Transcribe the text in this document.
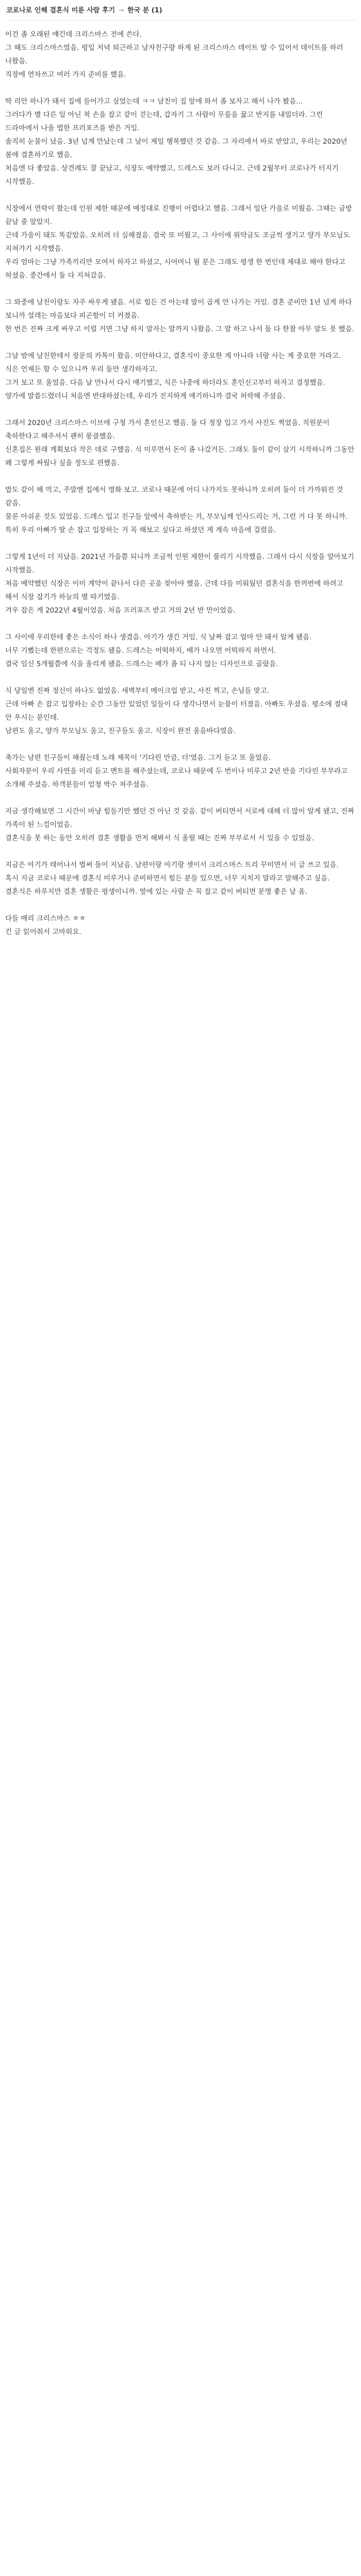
코로나로 인해 결혼식 미룬 사람 후기 → 한국 분 (1)

이건 좀 오래된 얘긴데 크리스마스 전에 쓴다.

그 때도 크리스마스였음. 평일 저녁 퇴근하고 남자친구랑 하게 된 크리스마스 데이트 알 수 있어서 데이트를 하러 나왔음.

직장에 연차쓰고 여러 가지 준비를 했음.

딱 리안 하나가 돼서 집에 들어가고 싶었는데 ㅋㅋ 남친이 집 앞에 와서 좀 보자고 해서 나가 봤음...

그러다가 별 다른 일 아닌 척 손을 잡고 같이 걷는데, 갑자기 그 사람이 무릎을 꿇고 반지를 내밀더라. 그런 드라마에서 나올 법한 프러포즈를 받은 거임.

솔직히 눈물이 났음. 3년 넘게 만났는데 그 날이 제일 행복했던 것 같음. 그 자리에서 바로 받았고, 우리는 2020년 봄에 결혼하기로 했음.

처음엔 다 좋았음. 상견례도 잘 끝났고, 식장도 예약했고, 드레스도 보러 다니고. 근데 2월부터 코로나가 터지기 시작했음.

식장에서 연락이 왔는데 인원 제한 때문에 예정대로 진행이 어렵다고 했음. 그래서 일단 가을로 미뤘음. 그때는 금방 끝날 줄 알았지.

근데 가을이 돼도 똑같았음. 오히려 더 심해졌음. 결국 또 미뤘고, 그 사이에 위약금도 조금씩 생기고 양가 부모님도 지쳐가기 시작했음.

우리 엄마는 그냥 가족끼리만 모여서 하자고 하셨고, 시어머니 될 분은 그래도 평생 한 번인데 제대로 해야 한다고 하셨음. 중간에서 둘 다 지쳐갔음.

그 와중에 남친이랑도 자주 싸우게 됐음. 서로 힘든 건 아는데 말이 곱게 안 나가는 거임. 결혼 준비만 1년 넘게 하다 보니까 설레는 마음보다 피곤함이 더 커졌음.

한 번은 진짜 크게 싸우고 이럴 거면 그냥 하지 말자는 말까지 나왔음. 그 말 하고 나서 둘 다 한참 아무 말도 못 했음.

그날 밤에 남친한테서 장문의 카톡이 왔음. 미안하다고, 결혼식이 중요한 게 아니라 너랑 사는 게 중요한 거라고. 식은 언제든 할 수 있으니까 우리 둘만 생각하자고.

그거 보고 또 울었음. 다음 날 만나서 다시 얘기했고, 식은 나중에 하더라도 혼인신고부터 하자고 결정했음.

양가에 말씀드렸더니 처음엔 반대하셨는데, 우리가 진지하게 얘기하니까 결국 허락해 주셨음.

그래서 2020년 크리스마스 이브에 구청 가서 혼인신고 했음. 둘 다 정장 입고 가서 사진도 찍었음. 직원분이 축하한다고 해주셔서 괜히 뭉클했음.

신혼집은 원래 계획보다 작은 데로 구했음. 식 미루면서 돈이 좀 나갔거든. 그래도 둘이 같이 살기 시작하니까 그동안 왜 그렇게 싸웠나 싶을 정도로 편했음.

밥도 같이 해 먹고, 주말엔 집에서 영화 보고. 코로나 때문에 어디 나가지도 못하니까 오히려 둘이 더 가까워진 것 같음.

물론 아쉬운 것도 있었음. 드레스 입고 친구들 앞에서 축하받는 거, 부모님께 인사드리는 거, 그런 거 다 못 하니까.

특히 우리 아빠가 딸 손 잡고 입장하는 거 꼭 해보고 싶다고 하셨던 게 계속 마음에 걸렸음.

그렇게 1년이 더 지났음. 2021년 가을쯤 되니까 조금씩 인원 제한이 풀리기 시작했음. 그래서 다시 식장을 알아보기 시작했음.

처음 예약했던 식장은 이미 계약이 끝나서 다른 곳을 찾아야 했음. 근데 다들 미뤄뒀던 결혼식을 한꺼번에 하려고 해서 식장 잡기가 하늘의 별 따기였음.

겨우 잡은 게 2022년 4월이었음. 처음 프러포즈 받고 거의 2년 반 만이었음.

그 사이에 우리한테 좋은 소식이 하나 생겼음. 아기가 생긴 거임. 식 날짜 잡고 얼마 안 돼서 알게 됐음.

너무 기뻤는데 한편으로는 걱정도 됐음. 드레스는 어떡하지, 배가 나오면 어떡하지 하면서.

결국 임신 5개월쯤에 식을 올리게 됐음. 드레스는 배가 좀 티 나지 않는 디자인으로 골랐음.

식 당일엔 진짜 정신이 하나도 없었음. 새벽부터 메이크업 받고, 사진 찍고, 손님들 맞고.

근데 아빠 손 잡고 입장하는 순간 그동안 있었던 일들이 다 생각나면서 눈물이 터졌음. 아빠도 우셨음. 평소에 절대 안 우시는 분인데.

남편도 울고, 양가 부모님도 울고, 친구들도 울고. 식장이 완전 울음바다였음.

축가는 남편 친구들이 해줬는데 노래 제목이 '기다린 만큼, 더'였음. 그거 듣고 또 울었음.

사회자분이 우리 사연을 미리 듣고 멘트를 해주셨는데, 코로나 때문에 두 번이나 미루고 2년 반을 기다린 부부라고 소개해 주셨음. 하객분들이 엄청 박수 쳐주셨음.

지금 생각해보면 그 시간이 마냥 힘들기만 했던 건 아닌 것 같음. 같이 버티면서 서로에 대해 더 많이 알게 됐고, 진짜 가족이 된 느낌이었음.

결혼식을 못 하는 동안 오히려 결혼 생활을 먼저 해봐서 식 올릴 때는 진짜 부부로서 서 있을 수 있었음.

지금은 아기가 태어나서 벌써 돌이 지났음. 남편이랑 아기랑 셋이서 크리스마스 트리 꾸미면서 이 글 쓰고 있음.

혹시 지금 코로나 때문에 결혼식 미루거나 준비하면서 힘든 분들 있으면, 너무 지치지 말라고 말해주고 싶음.

결혼식은 하루지만 결혼 생활은 평생이니까. 옆에 있는 사람 손 꼭 잡고 같이 버티면 분명 좋은 날 옴.

다들 메리 크리스마스 ㅎㅎ

긴 글 읽어줘서 고마워요.
